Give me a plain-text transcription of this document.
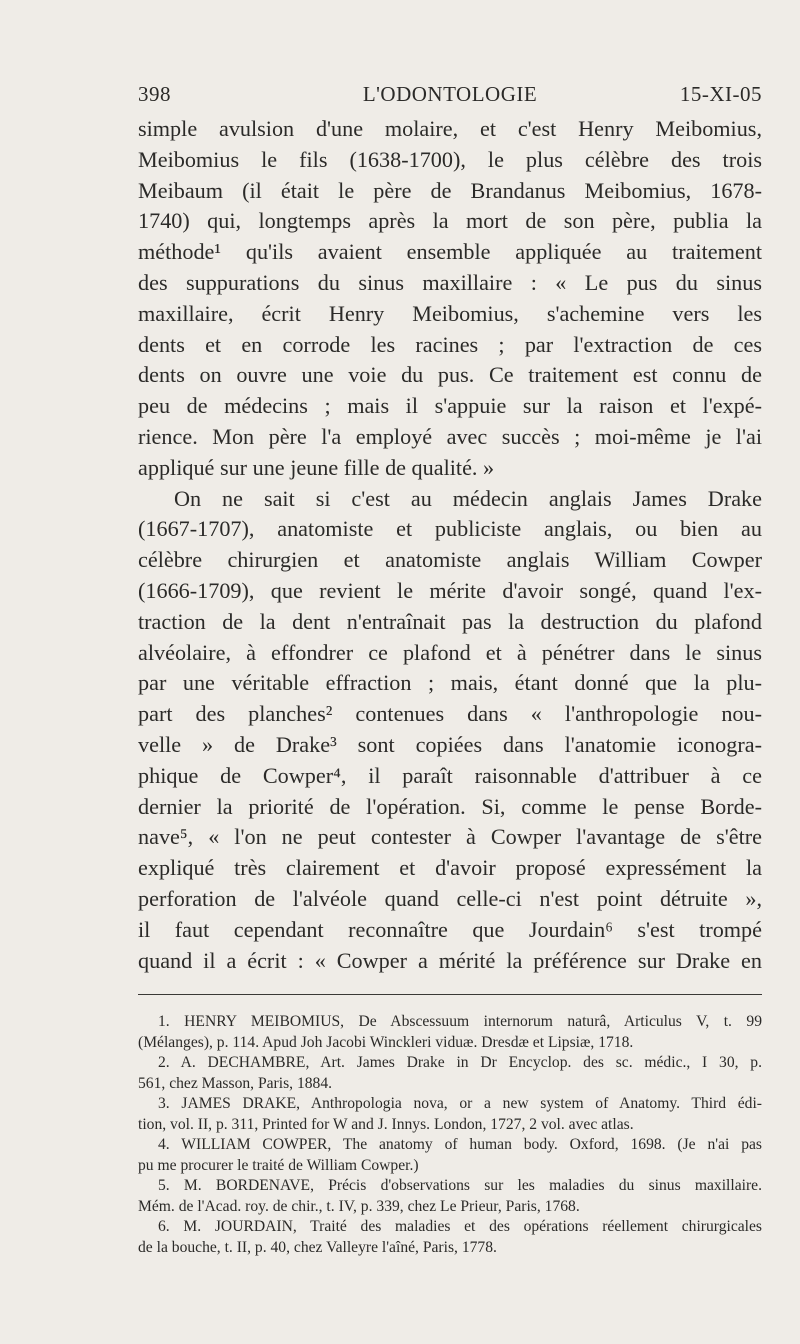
398	L'ODONTOLOGIE	15-XI-05
simple avulsion d'une molaire, et c'est Henry Meibomius,
Meibomius le fils (1638-1700), le plus célèbre des trois
Meibaum (il était le père de Brandanus Meibomius, 1678-
1740) qui, longtemps après la mort de son père, publia la
méthode¹ qu'ils avaient ensemble appliquée au traitement
des suppurations du sinus maxillaire : « Le pus du sinus
maxillaire, écrit Henry Meibomius, s'achemine vers les
dents et en corrode les racines ; par l'extraction de ces
dents on ouvre une voie du pus. Ce traitement est connu de
peu de médecins ; mais il s'appuie sur la raison et l'expé-
rience. Mon père l'a employé avec succès ; moi-même je l'ai
appliqué sur une jeune fille de qualité. »
On ne sait si c'est au médecin anglais James Drake
(1667-1707), anatomiste et publiciste anglais, ou bien au
célèbre chirurgien et anatomiste anglais William Cowper
(1666-1709), que revient le mérite d'avoir songé, quand l'ex-
traction de la dent n'entraînait pas la destruction du plafond
alvéolaire, à effondrer ce plafond et à pénétrer dans le sinus
par une véritable effraction ; mais, étant donné que la plu-
part des planches² contenues dans « l'anthropologie nou-
velle » de Drake³ sont copiées dans l'anatomie iconogra-
phique de Cowper⁴, il paraît raisonnable d'attribuer à ce
dernier la priorité de l'opération. Si, comme le pense Borde-
nave⁵, « l'on ne peut contester à Cowper l'avantage de s'être
expliqué très clairement et d'avoir proposé expressément la
perforation de l'alvéole quand celle-ci n'est point détruite »,
il faut cependant reconnaître que Jourdain⁶ s'est trompé
quand il a écrit : « Cowper a mérité la préférence sur Drake en
1. HENRY MEIBOMIUS, De Abscessuum internorum naturâ, Articulus V, t. 99
(Mélanges), p. 114. Apud Joh Jacobi Winckleri viduæ. Dresdæ et Lipsiæ, 1718.
2. A. DECHAMBRE, Art. James Drake in Dr Encyclop. des sc. médic., I 30, p.
561, chez Masson, Paris, 1884.
3. JAMES DRAKE, Anthropologia nova, or a new system of Anatomy. Third édi-
tion, vol. II, p. 311, Printed for W and J. Innys. London, 1727, 2 vol. avec atlas.
4. WILLIAM COWPER, The anatomy of human body. Oxford, 1698. (Je n'ai pas
pu me procurer le traité de William Cowper.)
5. M. BORDENAVE, Précis d'observations sur les maladies du sinus maxillaire.
Mém. de l'Acad. roy. de chir., t. IV, p. 339, chez Le Prieur, Paris, 1768.
6. M. JOURDAIN, Traité des maladies et des opérations réellement chirurgicales
de la bouche, t. II, p. 40, chez Valleyre l'aîné, Paris, 1778.
